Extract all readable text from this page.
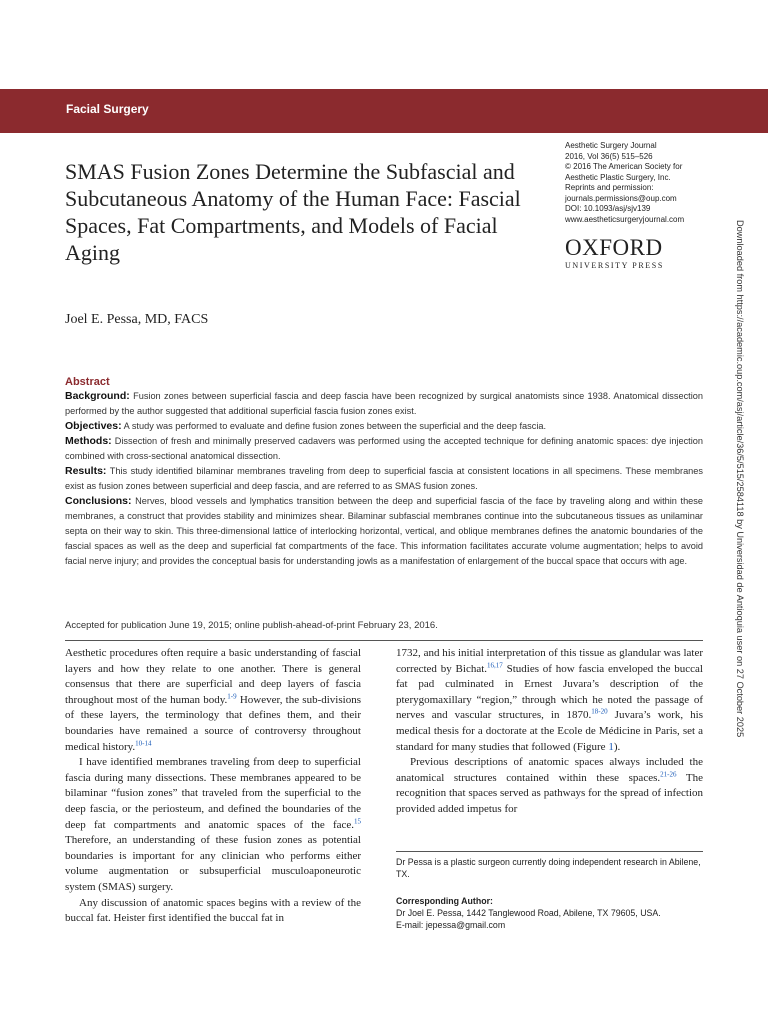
Facial Surgery
SMAS Fusion Zones Determine the Subfascial and Subcutaneous Anatomy of the Human Face: Fascial Spaces, Fat Compartments, and Models of Facial Aging
Aesthetic Surgery Journal
2016, Vol 36(5) 515–526
© 2016 The American Society for
Aesthetic Plastic Surgery, Inc.
Reprints and permission:
journals.permissions@oup.com
DOI: 10.1093/asj/sjv139
www.aestheticsurgeryjournal.com
OXFORD
UNIVERSITY PRESS
Joel E. Pessa, MD, FACS
Abstract

Background: Fusion zones between superficial fascia and deep fascia have been recognized by surgical anatomists since 1938. Anatomical dissection performed by the author suggested that additional superficial fascia fusion zones exist.

Objectives: A study was performed to evaluate and define fusion zones between the superficial and the deep fascia.

Methods: Dissection of fresh and minimally preserved cadavers was performed using the accepted technique for defining anatomic spaces: dye injection combined with cross-sectional anatomical dissection.

Results: This study identified bilaminar membranes traveling from deep to superficial fascia at consistent locations in all specimens. These membranes exist as fusion zones between superficial and deep fascia, and are referred to as SMAS fusion zones.

Conclusions: Nerves, blood vessels and lymphatics transition between the deep and superficial fascia of the face by traveling along and within these membranes, a construct that provides stability and minimizes shear. Bilaminar subfascial membranes continue into the subcutaneous tissues as unilaminar septa on their way to skin. This three-dimensional lattice of interlocking horizontal, vertical, and oblique membranes defines the anatomic boundaries of the fascial spaces as well as the deep and superficial fat compartments of the face. This information facilitates accurate volume augmentation; helps to avoid facial nerve injury; and provides the conceptual basis for understanding jowls as a manifestation of enlargement of the buccal space that occurs with age.

Accepted for publication June 19, 2015; online publish-ahead-of-print February 23, 2016.

Aesthetic procedures often require a basic understanding of fascial layers and how they relate to one another. There is general consensus that there are superficial and deep layers of fascia throughout most of the human body.$^{1-9}$ However, the sub-divisions of these layers, the terminology that defines them, and their boundaries have remained a source of controversy throughout medical history.$^{10-14}$

I have identified membranes traveling from deep to superficial fascia during many dissections. These membranes appeared to be bilaminar “fusion zones” that traveled from the superficial to the deep fascia, or the periosteum, and defined the boundaries of the deep fat compartments and anatomic spaces of the face.$^{15}$ Therefore, an understanding of these fusion zones as potential boundaries is important for any clinician who performs either volume augmentation or subsuperficial musculoaponeurotic system (SMAS) surgery.

Any discussion of anatomic spaces begins with a review of the buccal fat. Heister first identified the buccal fat in

1732, and his initial interpretation of this tissue as glandular was later corrected by Bichat.$^{16,17}$ Studies of how fascia enveloped the buccal fat pad culminated in Ernest Juvara’s description of the pterygomaxillary “region,” through which he noted the passage of nerves and vascular structures, in 1870.$^{18-20}$ Juvara’s work, his medical thesis for a doctorate at the Ecole de Médicine in Paris, set a standard for many studies that followed (Figure 1).

Previous descriptions of anatomic spaces always included the anatomical structures contained within these spaces.$^{21-26}$ The recognition that spaces served as pathways for the spread of infection provided added impetus for

Dr Pessa is a plastic surgeon currently doing independent research in Abilene, TX.
Corresponding Author:
Dr Joel E. Pessa, 1442 Tanglewood Road, Abilene, TX 79605, USA.
E-mail: jepessa@gmail.com
Downloaded from https://academic.oup.com/asj/article/36/5/515/2584118 by Universidad de Antioquia user on 27 October 2025
